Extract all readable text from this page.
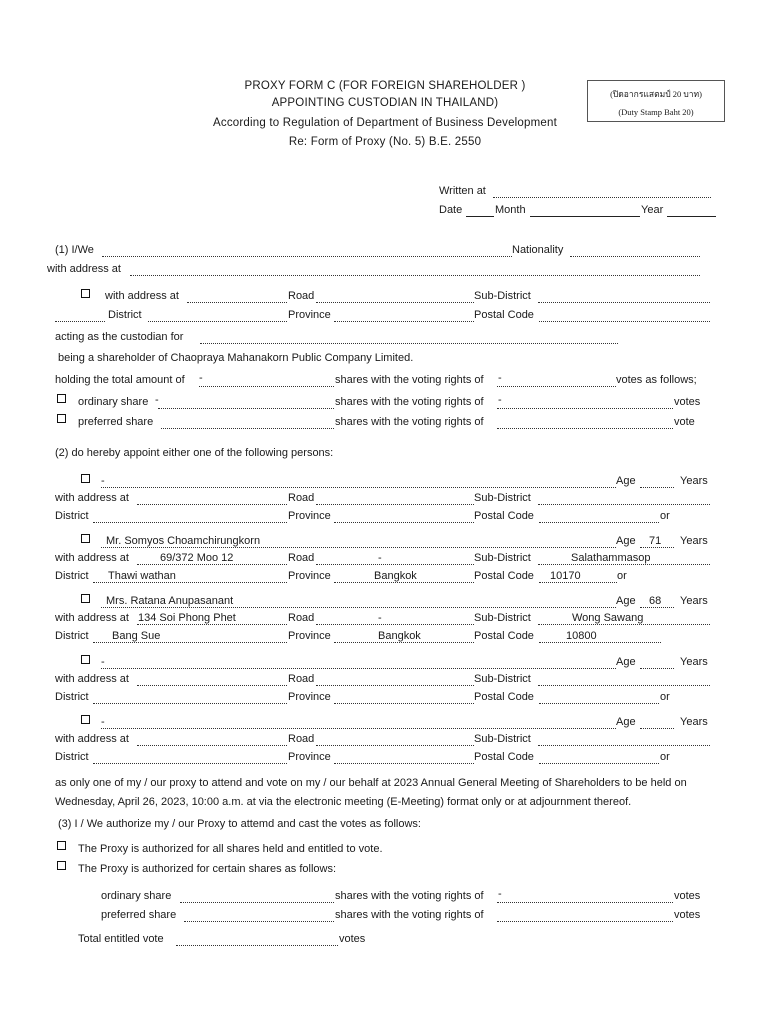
PROXY FORM C (FOR FOREIGN SHAREHOLDER )
APPOINTING CUSTODIAN IN THAILAND)
According to Regulation of Department of Business Development
Re: Form of Proxy (No. 5) B.E. 2550
(ปิดอากรแสตมป์ 20 บาท)
(Duty Stamp Baht 20)
Written at
Date	Month	Year
(1) I/We	Nationality
with address at
with address at	Road	Sub-District
District	Province	Postal Code
acting as the custodian for
being a shareholder of Chaopraya Mahanakorn Public Company Limited.
holding the total amount of -	shares with the voting rights of -	votes as follows;
ordinary share -	shares with the voting rights of -	votes
preferred share	shares with the voting rights of	vote
(2) do hereby appoint either one of the following persons:
-	Age	Years
with address at	Road	Sub-District
District	Province	Postal Code	or
Mr. Somyos Choamchirungkorn	Age 71 Years
with address at	69/372 Moo 12	Road	-	Sub-District	Salathammasop
District Thawi wathan	Province	Bangkok	Postal Code 10170	or
Mrs. Ratana Anupasanant	Age 68 Years
with address at 134 Soi Phong Phet	Road	-	Sub-District	Wong Sawang
District Bang Sue	Province	Bangkok	Postal Code	10800
-	Age	Years
with address at	Road	Sub-District
District	Province	Postal Code	or
-	Age	Years
with address at	Road	Sub-District
District	Province	Postal Code	or
as only one of my / our proxy to attend and vote on my / our behalf at 2023 Annual General Meeting of Shareholders to be held on
Wednesday, April 26, 2023, 10:00 a.m. at via the electronic meeting (E-Meeting) format only or at adjournment thereof.
(3) I / We authorize my / our Proxy to attemd and cast the votes as follows:
The Proxy is authorized for all shares held and entitled to vote.
The Proxy is authorized for certain shares as follows:
ordinary share	shares with the voting rights of -	votes
preferred share	shares with the voting rights of	votes
Total entitled vote	votes
